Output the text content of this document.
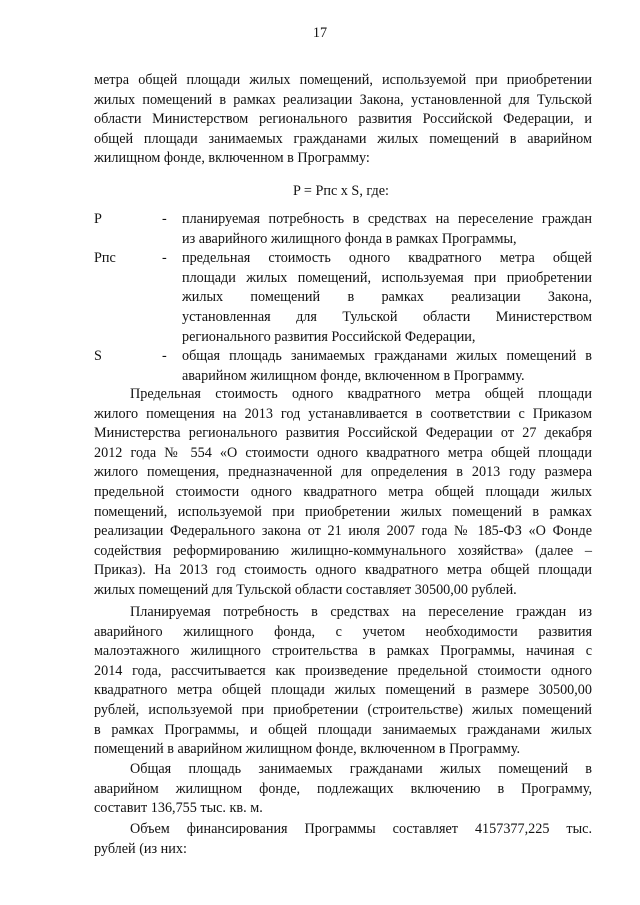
17
метра общей площади жилых помещений, используемой при приобретении
жилых помещений в рамках реализации Закона, установленной для Тульской
области Министерством регионального развития Российской Федерации, и
общей площади занимаемых гражданами жилых помещений в аварийном
жилищном фонде, включенном в Программу:
P = Pпс x S, где:
P	- планируемая потребность в средствах на переселение граждан
из аварийного жилищного фонда в рамках Программы,
Pпс	- предельная стоимость одного квадратного метра общей
площади жилых помещений, используемая при приобретении
жилых помещений в рамках реализации Закона,
установленная для Тульской области Министерством
регионального развития Российской Федерации,
S	- общая площадь занимаемых гражданами жилых помещений в
аварийном жилищном фонде, включенном в Программу.
Предельная стоимость одного квадратного метра общей площади
жилого помещения на 2013 год устанавливается в соответствии с Приказом
Министерства регионального развития Российской Федерации от 27 декабря
2012 года № 554 «О стоимости одного квадратного метра общей площади
жилого помещения, предназначенной для определения в 2013 году размера
предельной стоимости одного квадратного метра общей площади жилых
помещений, используемой при приобретении жилых помещений в рамках
реализации Федерального закона от 21 июля 2007 года № 185-ФЗ «О Фонде
содействия реформированию жилищно-коммунального хозяйства» (далее –
Приказ). На 2013 год стоимость одного квадратного метра общей площади
жилых помещений для Тульской области составляет 30500,00 рублей.
Планируемая потребность в средствах на переселение граждан из
аварийного жилищного фонда, с учетом необходимости развития
малоэтажного жилищного строительства в рамках Программы, начиная с
2014 года, рассчитывается как произведение предельной стоимости одного
квадратного метра общей площади жилых помещений в размере 30500,00
рублей, используемой при приобретении (строительстве) жилых помещений
в рамках Программы, и общей площади занимаемых гражданами жилых
помещений в аварийном жилищном фонде, включенном в Программу.
Общая площадь занимаемых гражданами жилых помещений в
аварийном жилищном фонде, подлежащих включению в Программу,
составит 136,755 тыс. кв. м.
Объем финансирования Программы составляет 4157377,225 тыс.
рублей (из них:
